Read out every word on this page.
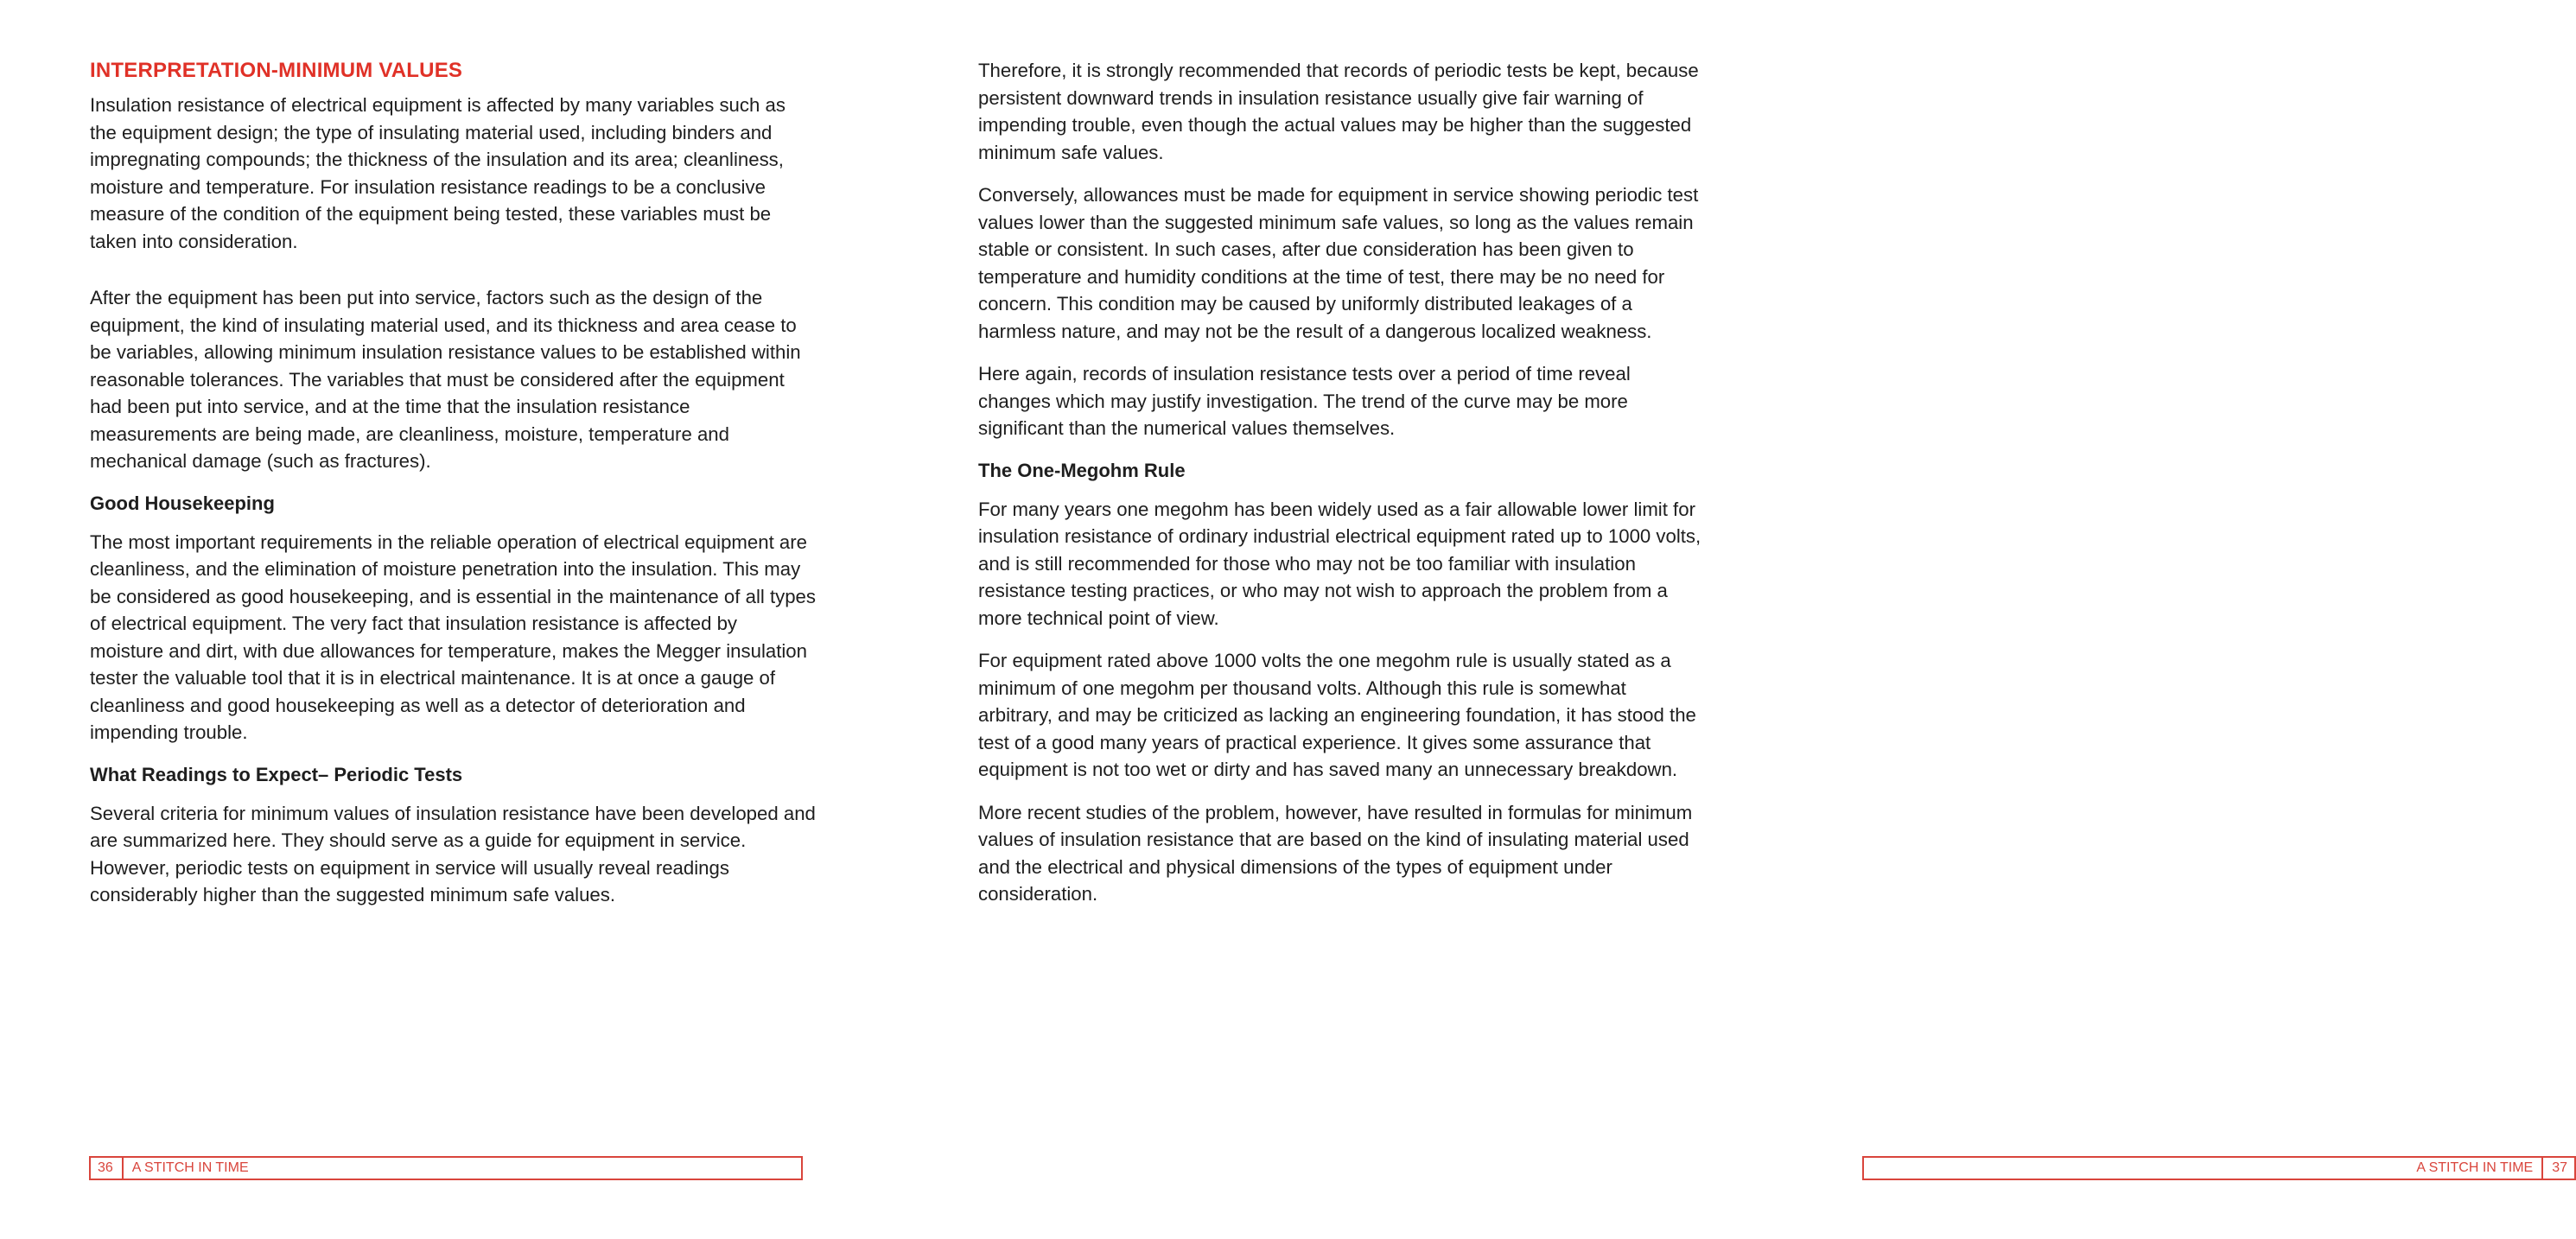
INTERPRETATION-MINIMUM VALUES

Insulation resistance of electrical equipment is affected by many variables such as the equipment design; the type of insulating material used, including binders and impregnating compounds; the thickness of the insulation and its area; cleanliness, moisture and temperature. For insulation resistance readings to be a conclusive measure of the condition of the equipment being tested, these variables must be taken into consideration.

After the equipment has been put into service, factors such as the design of the equipment, the kind of insulating material used, and its thickness and area cease to be variables, allowing minimum insulation resistance values to be established within reasonable tolerances. The variables that must be considered after the equipment had been put into service, and at the time that the insulation resistance measurements are being made, are cleanliness, moisture, temperature and mechanical damage (such as fractures).

Good Housekeeping

The most important requirements in the reliable operation of electrical equipment are cleanliness, and the elimination of moisture penetration into the insulation. This may be considered as good housekeeping, and is essential in the maintenance of all types of electrical equipment. The very fact that insulation resistance is affected by moisture and dirt, with due allowances for temperature, makes the Megger insulation tester the valuable tool that it is in electrical maintenance. It is at once a gauge of cleanliness and good housekeeping as well as a detector of deterioration and impending trouble.

What Readings to Expect– Periodic Tests

Several criteria for minimum values of insulation resistance have been developed and are summarized here. They should serve as a guide for equipment in service. However, periodic tests on equipment in service will usually reveal readings considerably higher than the suggested minimum safe values.

36	A STITCH IN TIME

Therefore, it is strongly recommended that records of periodic tests be kept, because persistent downward trends in insulation resistance usually give fair warning of impending trouble, even though the actual values may be higher than the suggested minimum safe values.

Conversely, allowances must be made for equipment in service showing periodic test values lower than the suggested minimum safe values, so long as the values remain stable or consistent. In such cases, after due consideration has been given to temperature and humidity conditions at the time of test, there may be no need for concern. This condition may be caused by uniformly distributed leakages of a harmless nature, and may not be the result of a dangerous localized weakness.

Here again, records of insulation resistance tests over a period of time reveal changes which may justify investigation. The trend of the curve may be more significant than the numerical values themselves.

The One-Megohm Rule

For many years one megohm has been widely used as a fair allowable lower limit for insulation resistance of ordinary industrial electrical equipment rated up to 1000 volts, and is still recommended for those who may not be too familiar with insulation resistance testing practices, or who may not wish to approach the problem from a more technical point of view.

For equipment rated above 1000 volts the one megohm rule is usually stated as a minimum of one megohm per thousand volts. Although this rule is somewhat arbitrary, and may be criticized as lacking an engineering foundation, it has stood the test of a good many years of practical experience. It gives some assurance that equipment is not too wet or dirty and has saved many an unnecessary breakdown.

More recent studies of the problem, however, have resulted in formulas for minimum values of insulation resistance that are based on the kind of insulating material used and the electrical and physical dimensions of the types of equipment under consideration.

A STITCH IN TIME	37
